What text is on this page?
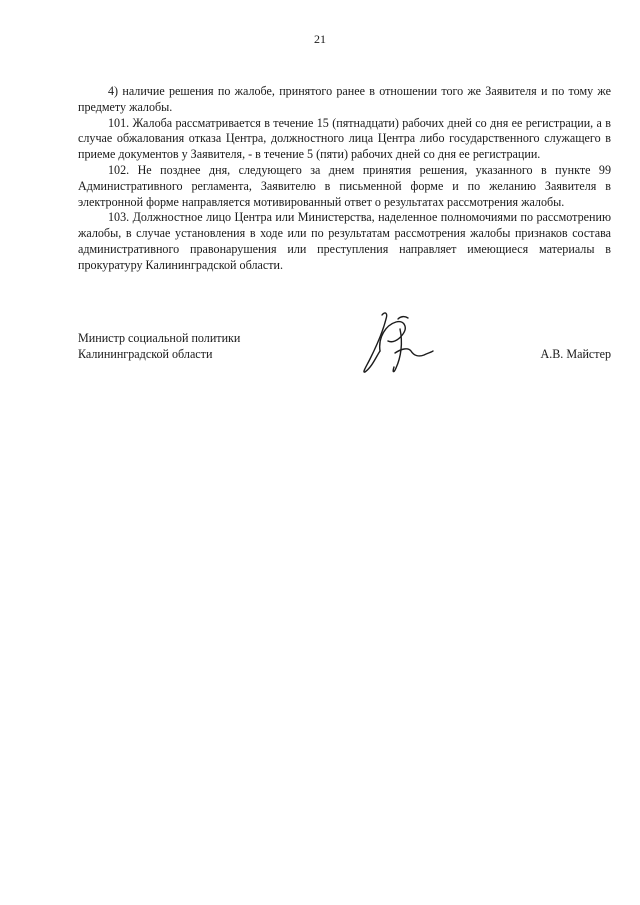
21

4) наличие решения по жалобе, принятого ранее в отношении того же Заявителя и по тому же предмету жалобы.

101. Жалоба рассматривается в течение 15 (пятнадцати) рабочих дней со дня ее регистрации, а в случае обжалования отказа Центра, должностного лица Центра либо государственного служащего в приеме документов у Заявителя, - в течение 5 (пяти) рабочих дней со дня ее регистрации.

102. Не позднее дня, следующего за днем принятия решения, указанного в пункте 99 Административного регламента, Заявителю в письменной форме и по желанию Заявителя в электронной форме направляется мотивированный ответ о результатах рассмотрения жалобы.

103. Должностное лицо Центра или Министерства, наделенное полномочиями по рассмотрению жалобы, в случае установления в ходе или по результатам рассмотрения жалобы признаков состава административного правонарушения или преступления направляет имеющиеся материалы в прокуратуру Калининградской области.

Министр социальной политики
Калининградской области	А.В. Майстер
